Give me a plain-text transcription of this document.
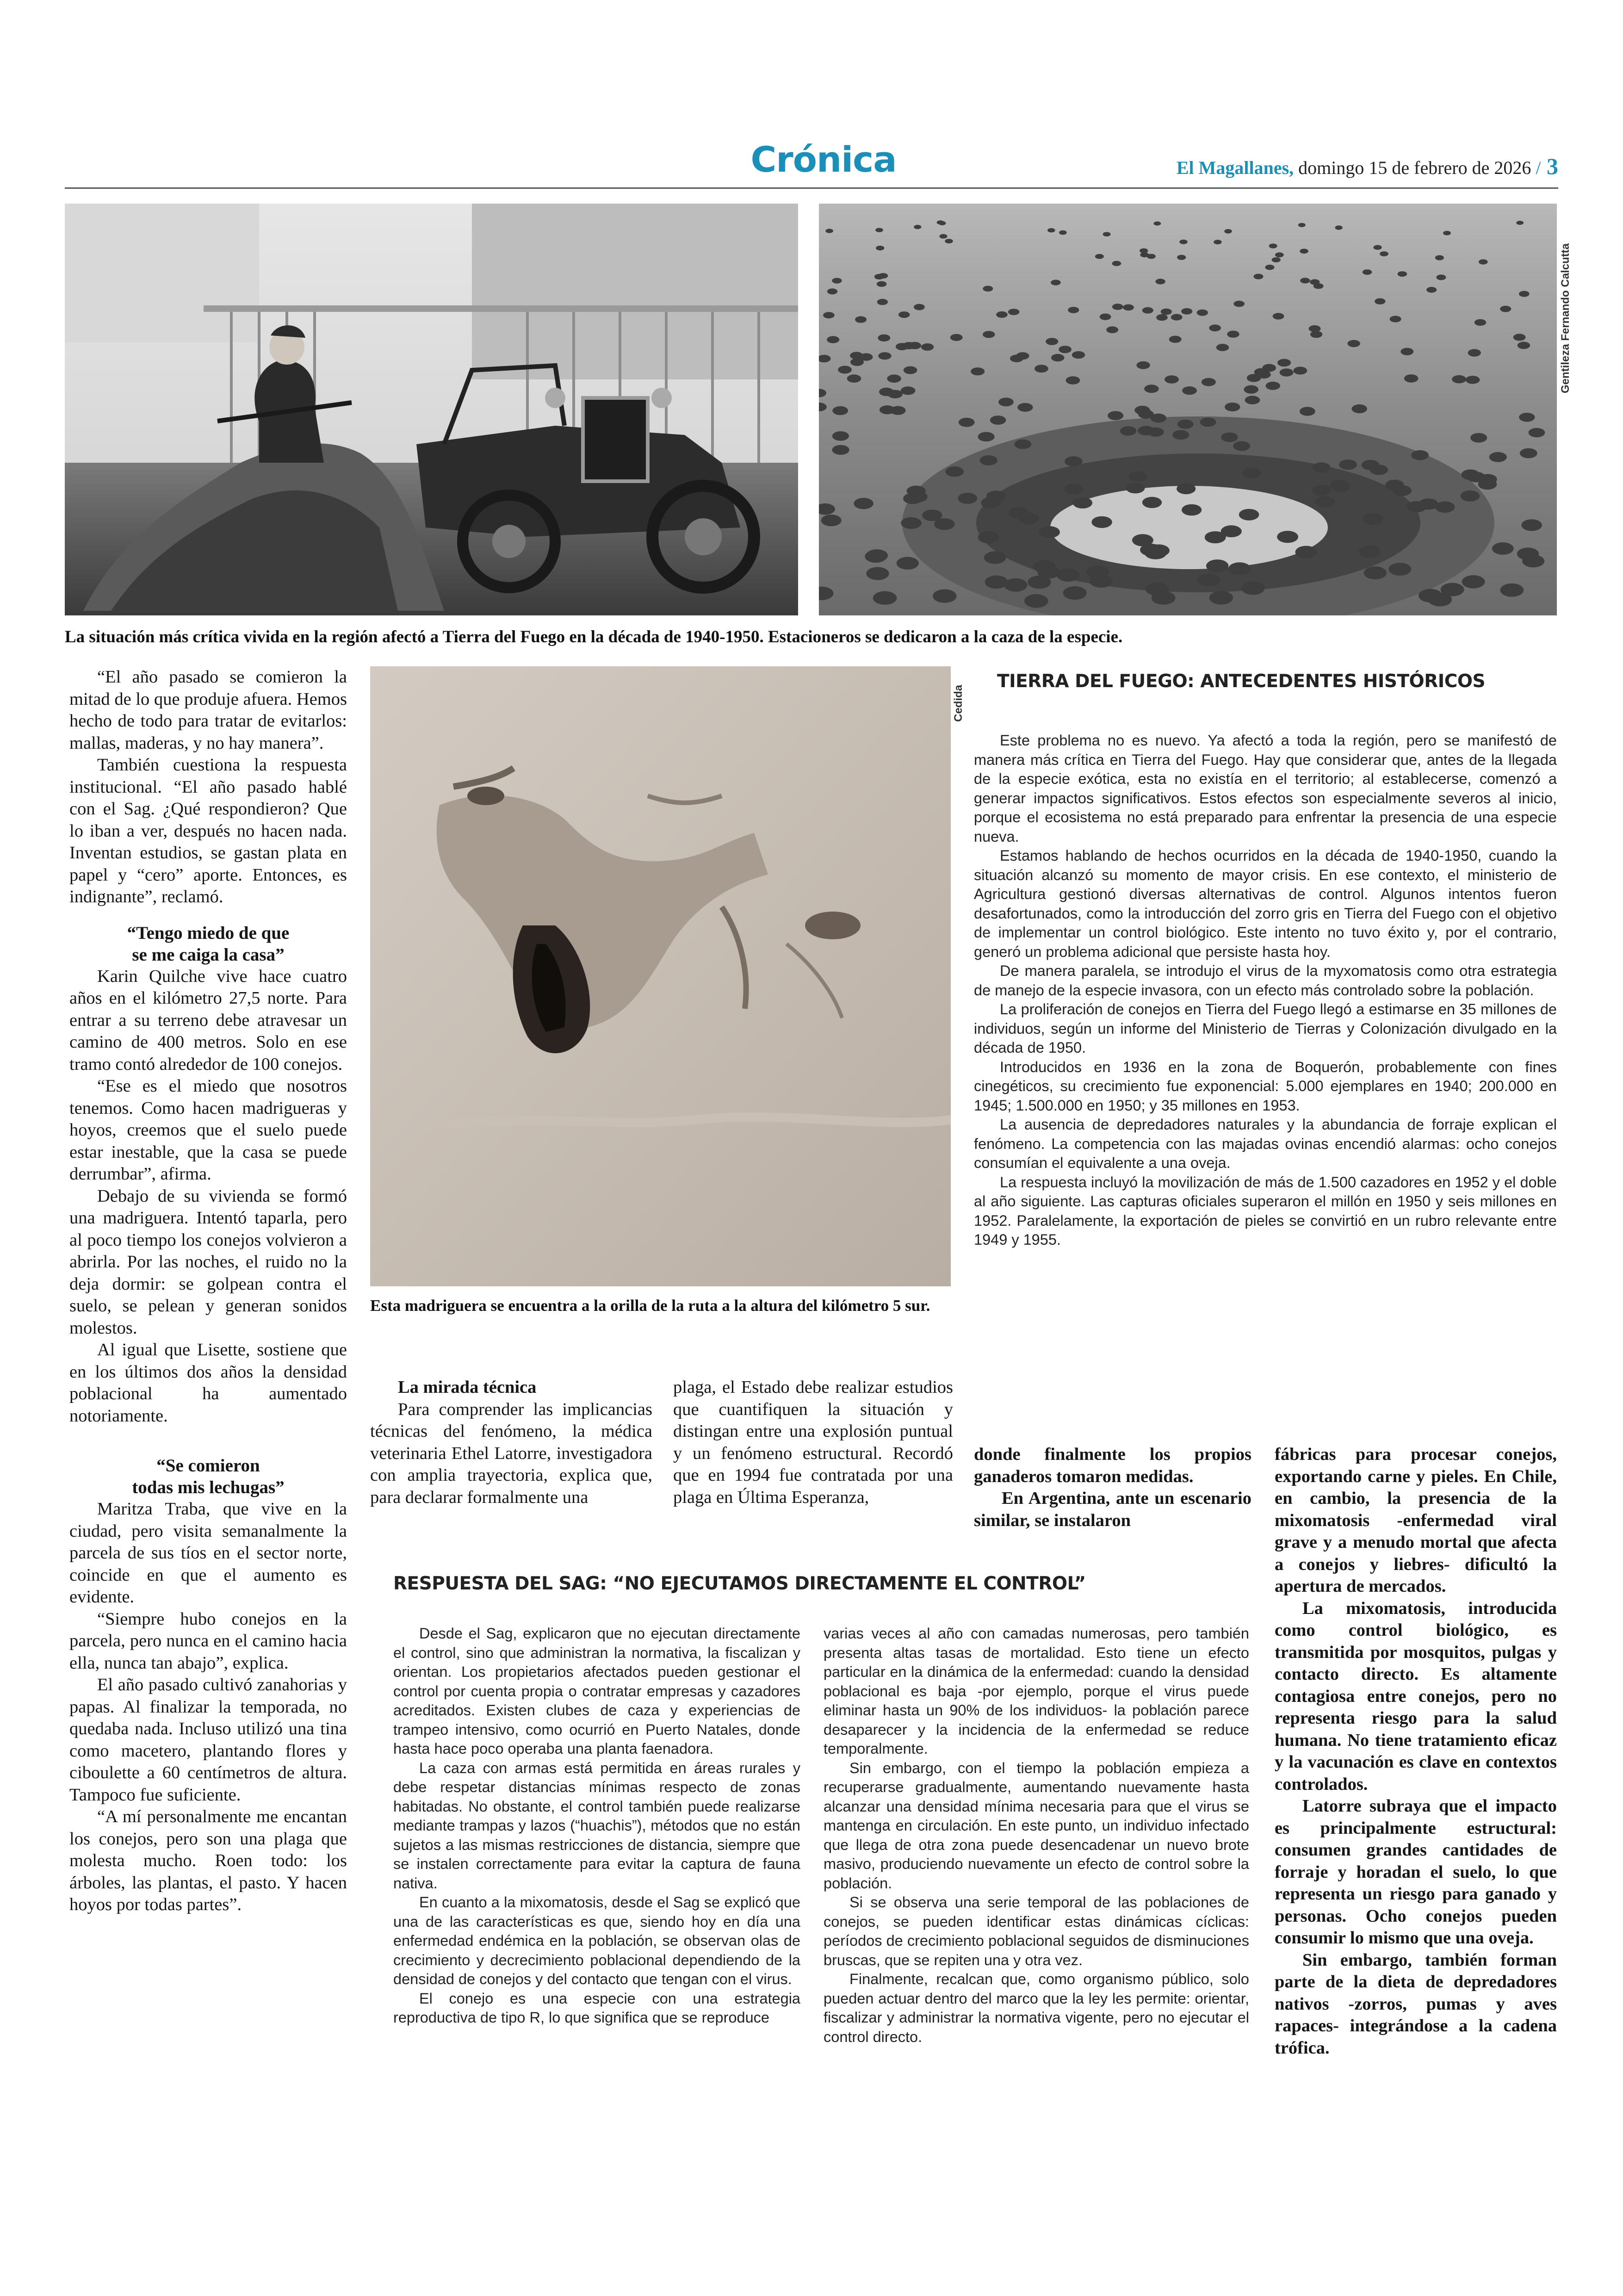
Crónica	El Magallanes, domingo 15 de febrero de 2026 / 3
Gentileza Fernando Calcutta
La situación más crítica vivida en la región afectó a Tierra del Fuego en la década de 1940-1950. Estacioneros se dedicaron a la caza de la especie.
Cedida
Esta madriguera se encuentra a la orilla de la ruta a la altura del kilómetro 5 sur.

“El año pasado se comieron la mitad de lo que produje afuera. Hemos hecho de todo para tratar de evitarlos: mallas, maderas, y no hay manera”.

También cuestiona la respuesta institucional. “El año pasado hablé con el Sag. ¿Qué respondieron? Que lo iban a ver, después no hacen nada. Inventan estudios, se gastan plata en papel y “cero” aporte. Entonces, es indignante”, reclamó.

“Tengo miedo de que
se me caiga la casa”

Karin Quilche vive hace cuatro años en el kilómetro 27,5 norte. Para entrar a su terreno debe atravesar un camino de 400 metros. Solo en ese tramo contó alrededor de 100 conejos.

“Ese es el miedo que nosotros tenemos. Como hacen madrigueras y hoyos, creemos que el suelo puede estar inestable, que la casa se puede derrumbar”, afirma.

Debajo de su vivienda se formó una madriguera. Intentó taparla, pero al poco tiempo los conejos volvieron a abrirla. Por las noches, el ruido no la deja dormir: se golpean contra el suelo, se pelean y generan sonidos molestos.

Al igual que Lisette, sostiene que en los últimos dos años la densidad poblacional ha aumentado notoriamente.

“Se comieron
todas mis lechugas”

Maritza Traba, que vive en la ciudad, pero visita semanalmente la parcela de sus tíos en el sector norte, coincide en que el aumento es evidente.

“Siempre hubo conejos en la parcela, pero nunca en el camino hacia ella, nunca tan abajo”, explica.

El año pasado cultivó zanahorias y papas. Al finalizar la temporada, no quedaba nada. Incluso utilizó una tina como macetero, plantando flores y ciboulette a 60 centímetros de altura. Tampoco fue suficiente.

“A mí personalmente me encantan los conejos, pero son una plaga que molesta mucho. Roen todo: los árboles, las plantas, el pasto. Y hacen hoyos por todas partes”.

La mirada técnica

Para comprender las implicancias técnicas del fenómeno, la médica veterinaria Ethel Latorre, investigadora con amplia trayectoria, explica que, para declarar formalmente una

plaga, el Estado debe realizar estudios que cuantifiquen la situación y distingan entre una explosión puntual y un fenómeno estructural. Recordó que en 1994 fue contratada por una plaga en Última Esperanza,

donde finalmente los propios ganaderos tomaron medidas.

En Argentina, ante un escenario similar, se instalaron

fábricas para procesar conejos, exportando carne y pieles. En Chile, en cambio, la presencia de la mixomatosis -enfermedad viral grave y a menudo mortal que afecta a conejos y liebres- dificultó la apertura de mercados.

La mixomatosis, introducida como control biológico, es transmitida por mosquitos, pulgas y contacto directo. Es altamente contagiosa entre conejos, pero no representa riesgo para la salud humana. No tiene tratamiento eficaz y la vacunación es clave en contextos controlados.

Latorre subraya que el impacto es principalmente estructural: consumen grandes cantidades de forraje y horadan el suelo, lo que representa un riesgo para ganado y personas. Ocho conejos pueden consumir lo mismo que una oveja.

Sin embargo, también forman parte de la dieta de depredadores nativos -zorros, pumas y aves rapaces- integrándose a la cadena trófica.

TIERRA DEL FUEGO: ANTECEDENTES HISTÓRICOS

Este problema no es nuevo. Ya afectó a toda la región, pero se manifestó de manera más crítica en Tierra del Fuego. Hay que considerar que, antes de la llegada de la especie exótica, esta no existía en el territorio; al establecerse, comenzó a generar impactos significativos. Estos efectos son especialmente severos al inicio, porque el ecosistema no está preparado para enfrentar la presencia de una especie nueva.

Estamos hablando de hechos ocurridos en la década de 1940-1950, cuando la situación alcanzó su momento de mayor crisis. En ese contexto, el ministerio de Agricultura gestionó diversas alternativas de control. Algunos intentos fueron desafortunados, como la introducción del zorro gris en Tierra del Fuego con el objetivo de implementar un control biológico. Este intento no tuvo éxito y, por el contrario, generó un problema adicional que persiste hasta hoy.

De manera paralela, se introdujo el virus de la myxomatosis como otra estrategia de manejo de la especie invasora, con un efecto más controlado sobre la población.

La proliferación de conejos en Tierra del Fuego llegó a estimarse en 35 millones de individuos, según un informe del Ministerio de Tierras y Colonización divulgado en la década de 1950.

Introducidos en 1936 en la zona de Boquerón, probablemente con fines cinegéticos, su crecimiento fue exponencial: 5.000 ejemplares en 1940; 200.000 en 1945; 1.500.000 en 1950; y 35 millones en 1953.

La ausencia de depredadores naturales y la abundancia de forraje explican el fenómeno. La competencia con las majadas ovinas encendió alarmas: ocho conejos consumían el equivalente a una oveja.

La respuesta incluyó la movilización de más de 1.500 cazadores en 1952 y el doble al año siguiente. Las capturas oficiales superaron el millón en 1950 y seis millones en 1952. Paralelamente, la exportación de pieles se convirtió en un rubro relevante entre 1949 y 1955.

RESPUESTA DEL SAG: “NO EJECUTAMOS DIRECTAMENTE EL CONTROL”

Desde el Sag, explicaron que no ejecutan directamente el control, sino que administran la normativa, la fiscalizan y orientan. Los propietarios afectados pueden gestionar el control por cuenta propia o contratar empresas y cazadores acreditados. Existen clubes de caza y experiencias de trampeo intensivo, como ocurrió en Puerto Natales, donde hasta hace poco operaba una planta faenadora.

La caza con armas está permitida en áreas rurales y debe respetar distancias mínimas respecto de zonas habitadas. No obstante, el control también puede realizarse mediante trampas y lazos (“huachis”), métodos que no están sujetos a las mismas restricciones de distancia, siempre que se instalen correctamente para evitar la captura de fauna nativa.

En cuanto a la mixomatosis, desde el Sag se explicó que una de las características es que, siendo hoy en día una enfermedad endémica en la población, se observan olas de crecimiento y decrecimiento poblacional dependiendo de la densidad de conejos y del contacto que tengan con el virus.

El conejo es una especie con una estrategia reproductiva de tipo R, lo que significa que se reproduce

varias veces al año con camadas numerosas, pero también presenta altas tasas de mortalidad. Esto tiene un efecto particular en la dinámica de la enfermedad: cuando la densidad poblacional es baja -por ejemplo, porque el virus puede eliminar hasta un 90% de los individuos- la población parece desaparecer y la incidencia de la enfermedad se reduce temporalmente.

Sin embargo, con el tiempo la población empieza a recuperarse gradualmente, aumentando nuevamente hasta alcanzar una densidad mínima necesaria para que el virus se mantenga en circulación. En este punto, un individuo infectado que llega de otra zona puede desencadenar un nuevo brote masivo, produciendo nuevamente un efecto de control sobre la población.

Si se observa una serie temporal de las poblaciones de conejos, se pueden identificar estas dinámicas cíclicas: períodos de crecimiento poblacional seguidos de disminuciones bruscas, que se repiten una y otra vez.

Finalmente, recalcan que, como organismo público, solo pueden actuar dentro del marco que la ley les permite: orientar, fiscalizar y administrar la normativa vigente, pero no ejecutar el control directo.
